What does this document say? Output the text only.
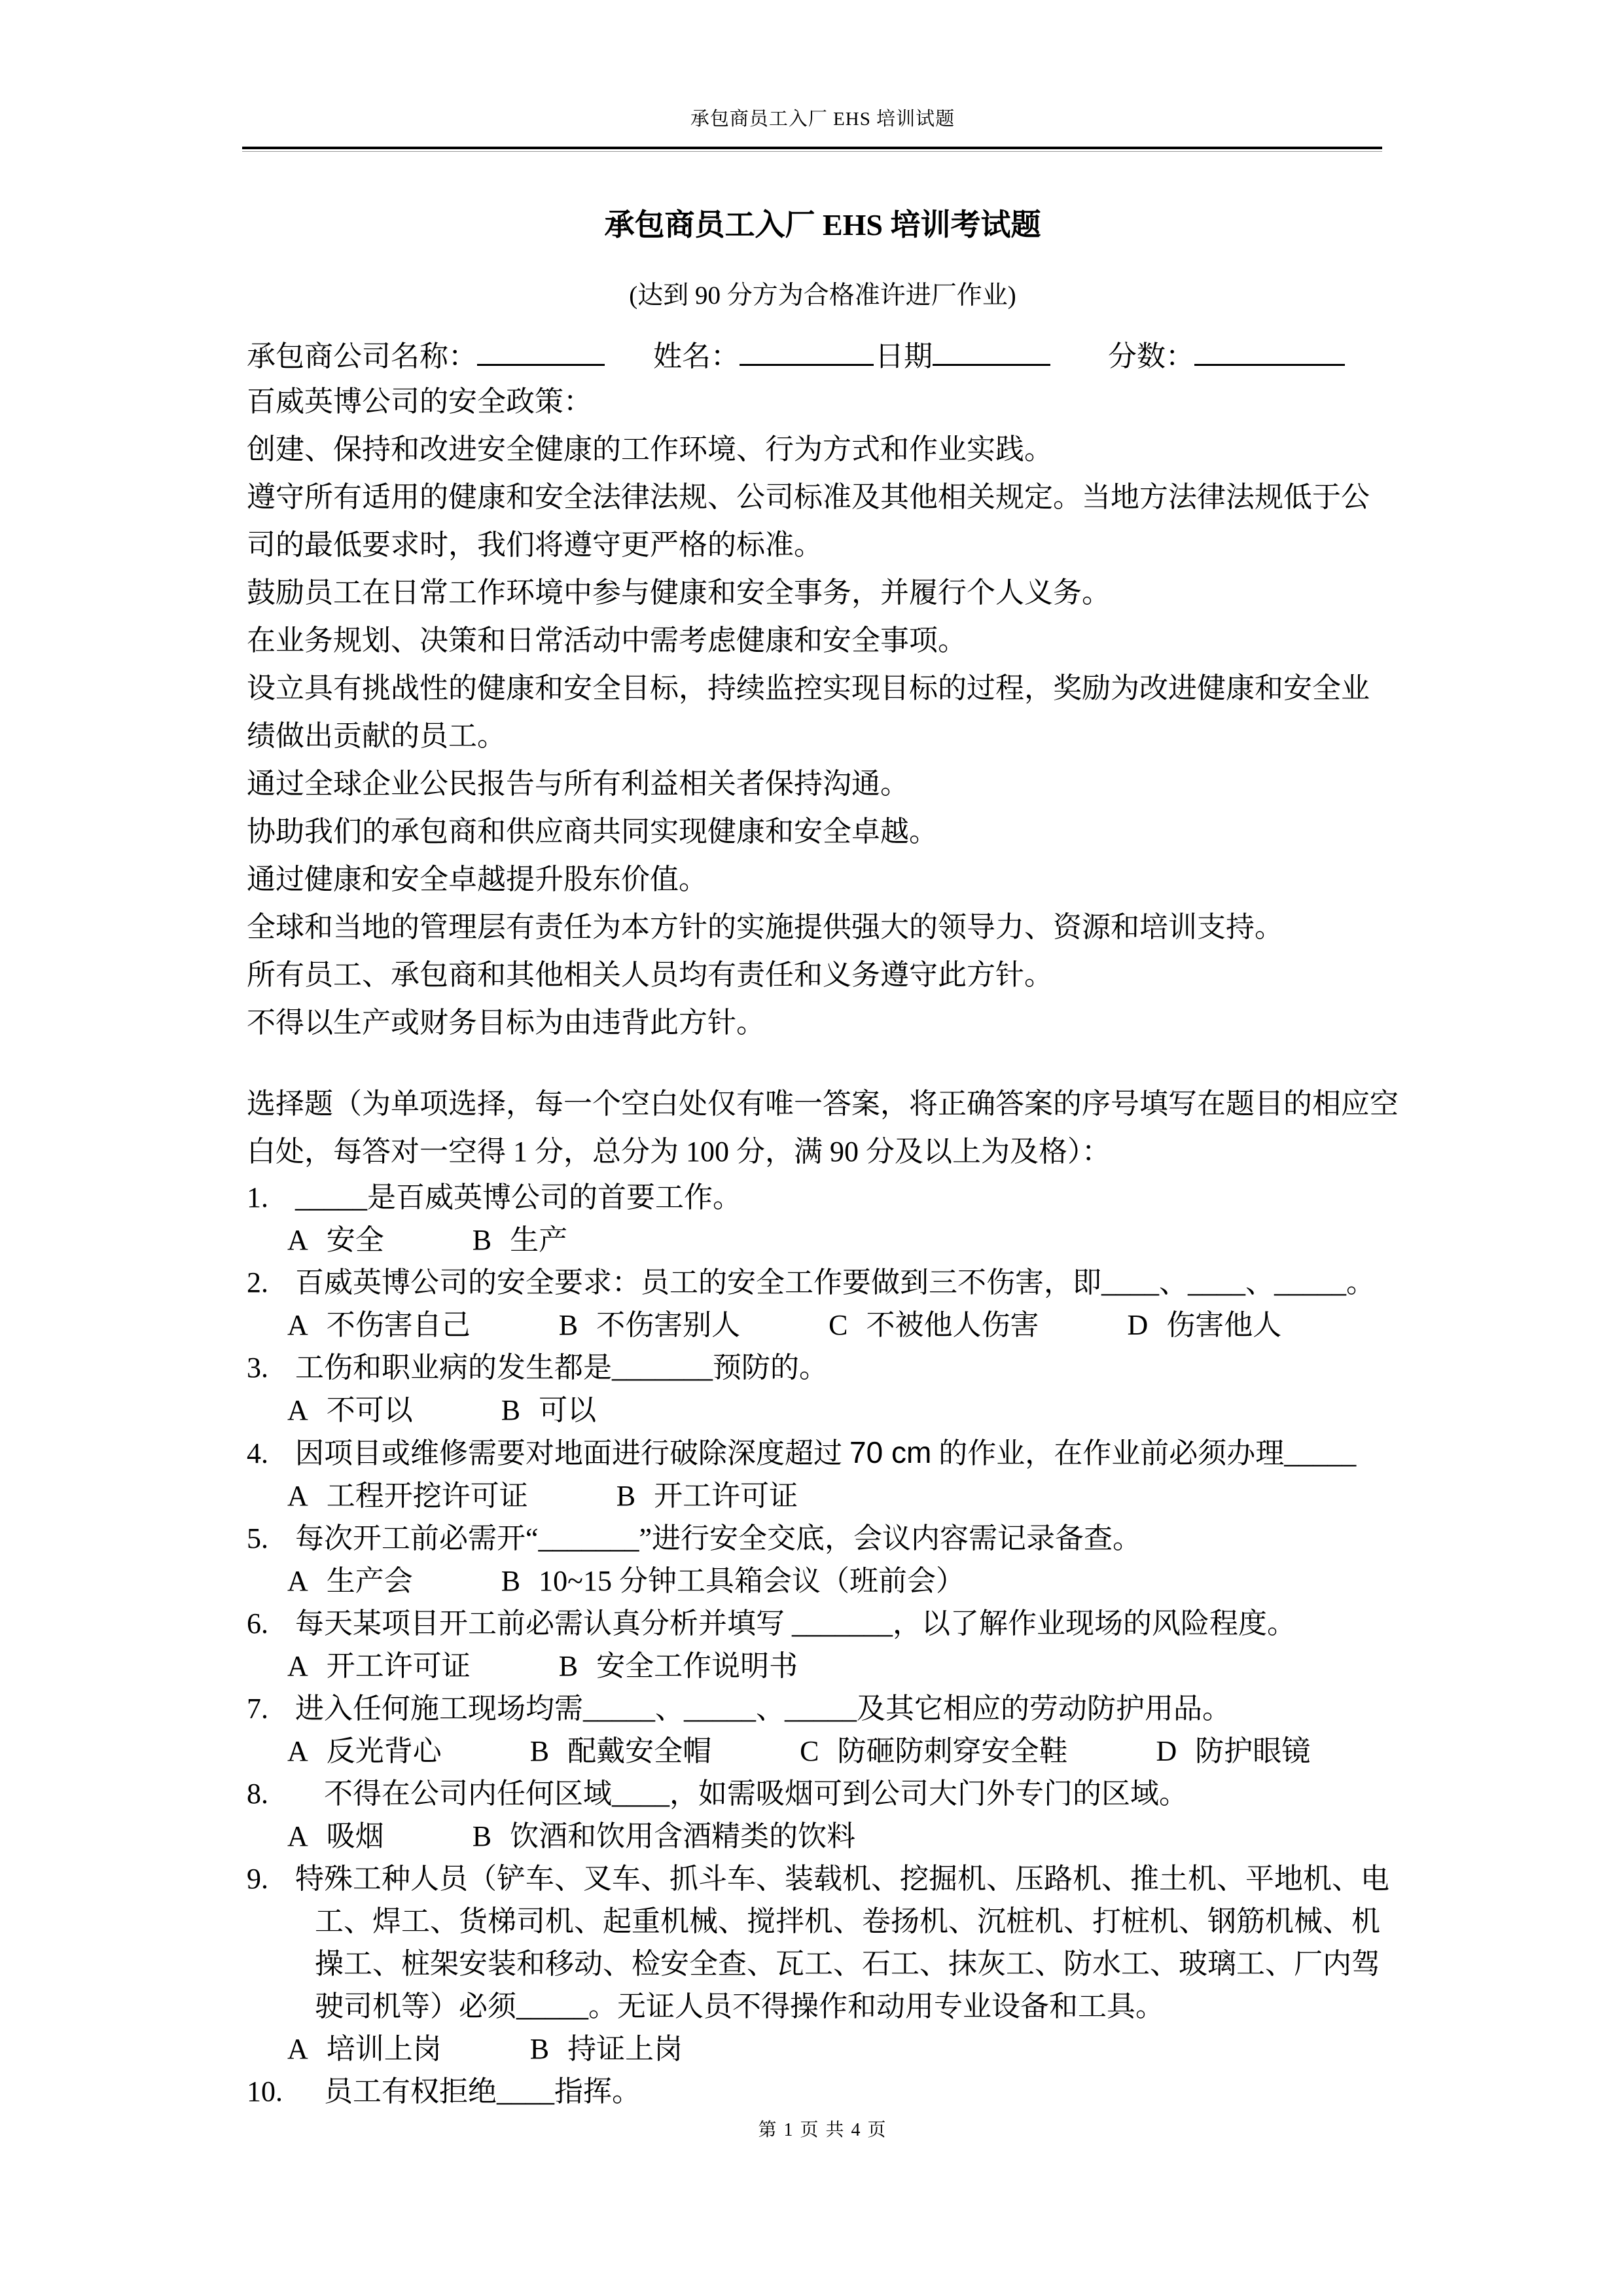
承包商员工入厂 EHS 培训试题
承包商员工入厂 EHS 培训考试题
(达到 90 分方为合格准许进厂作业)
承包商公司名称：	姓名：	日期	分数：

百威英博公司的安全政策：

创建、保持和改进安全健康的工作环境、行为方式和作业实践。

遵守所有适用的健康和安全法律法规、公司标准及其他相关规定。当地方法律法规低于公

司的最低要求时，我们将遵守更严格的标准。

鼓励员工在日常工作环境中参与健康和安全事务，并履行个人义务。

在业务规划、决策和日常活动中需考虑健康和安全事项。

设立具有挑战性的健康和安全目标，持续监控实现目标的过程，奖励为改进健康和安全业

绩做出贡献的员工。

通过全球企业公民报告与所有利益相关者保持沟通。

协助我们的承包商和供应商共同实现健康和安全卓越。

通过健康和安全卓越提升股东价值。

全球和当地的管理层有责任为本方针的实施提供强大的领导力、资源和培训支持。

所有员工、承包商和其他相关人员均有责任和义务遵守此方针。

不得以生产或财务目标为由违背此方针。

选择题（为单项选择，每一个空白处仅有唯一答案，将正确答案的序号填写在题目的相应空

白处，每答对一空得 1 分，总分为 100 分，满 90 分及以上为及格）：

1. _____是百威英博公司的首要工作。
A 安全	B 生产
2. 百威英博公司的安全要求：员工的安全工作要做到三不伤害，即____、____、_____。
A 不伤害自己	B 不伤害别人	C 不被他人伤害	D 伤害他人
3. 工伤和职业病的发生都是_______预防的。
A 不可以	B 可以
4. 因项目或维修需要对地面进行破除深度超过 70 cm 的作业，在作业前必须办理_____
A 工程开挖许可证	B 开工许可证
5. 每次开工前必需开“_______”进行安全交底，会议内容需记录备查。
A 生产会	B 10~15 分钟工具箱会议（班前会）
6. 每天某项目开工前必需认真分析并填写 _______，以了解作业现场的风险程度。
A 开工许可证	B 安全工作说明书
7. 进入任何施工现场均需_____、_____、_____及其它相应的劳动防护用品。
A 反光背心	B 配戴安全帽	C 防砸防刺穿安全鞋	D 防护眼镜
8. 不得在公司内任何区域____，如需吸烟可到公司大门外专门的区域。
A 吸烟	B 饮酒和饮用含酒精类的饮料
9. 特殊工种人员（铲车、叉车、抓斗车、装载机、挖掘机、压路机、推土机、平地机、电
工、焊工、货梯司机、起重机械、搅拌机、卷扬机、沉桩机、打桩机、钢筋机械、机
操工、桩架安装和移动、检安全查、瓦工、石工、抹灰工、防水工、玻璃工、厂内驾
驶司机等）必须_____。无证人员不得操作和动用专业设备和工具。
A 培训上岗	B 持证上岗
10. 员工有权拒绝____指挥。
第 1 页 共 4 页
